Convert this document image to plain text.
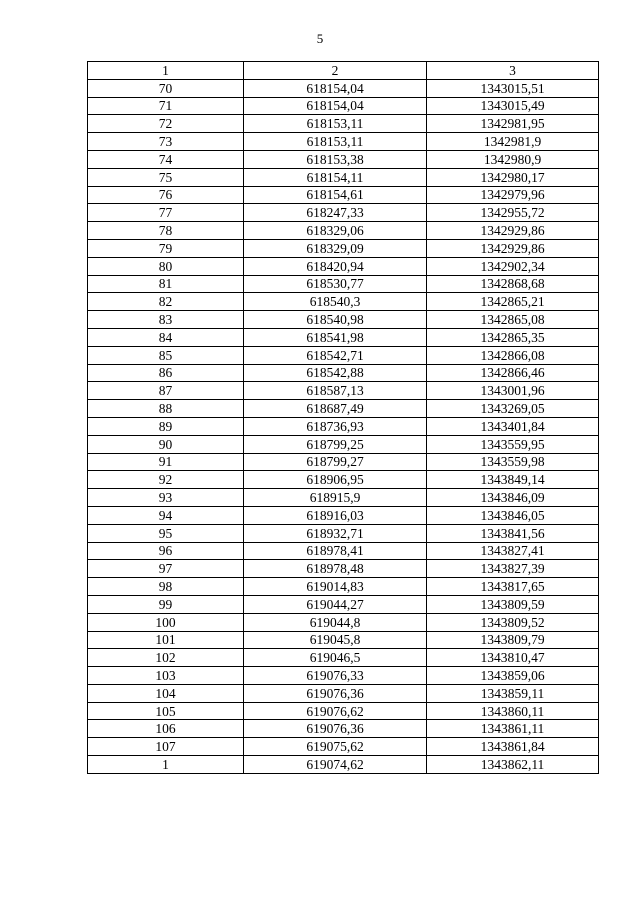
5
1	2	3
70	618154,04	1343015,51
71	618154,04	1343015,49
72	618153,11	1342981,95
73	618153,11	1342981,9
74	618153,38	1342980,9
75	618154,11	1342980,17
76	618154,61	1342979,96
77	618247,33	1342955,72
78	618329,06	1342929,86
79	618329,09	1342929,86
80	618420,94	1342902,34
81	618530,77	1342868,68
82	618540,3	1342865,21
83	618540,98	1342865,08
84	618541,98	1342865,35
85	618542,71	1342866,08
86	618542,88	1342866,46
87	618587,13	1343001,96
88	618687,49	1343269,05
89	618736,93	1343401,84
90	618799,25	1343559,95
91	618799,27	1343559,98
92	618906,95	1343849,14
93	618915,9	1343846,09
94	618916,03	1343846,05
95	618932,71	1343841,56
96	618978,41	1343827,41
97	618978,48	1343827,39
98	619014,83	1343817,65
99	619044,27	1343809,59
100	619044,8	1343809,52
101	619045,8	1343809,79
102	619046,5	1343810,47
103	619076,33	1343859,06
104	619076,36	1343859,11
105	619076,62	1343860,11
106	619076,36	1343861,11
107	619075,62	1343861,84
1	619074,62	1343862,11
